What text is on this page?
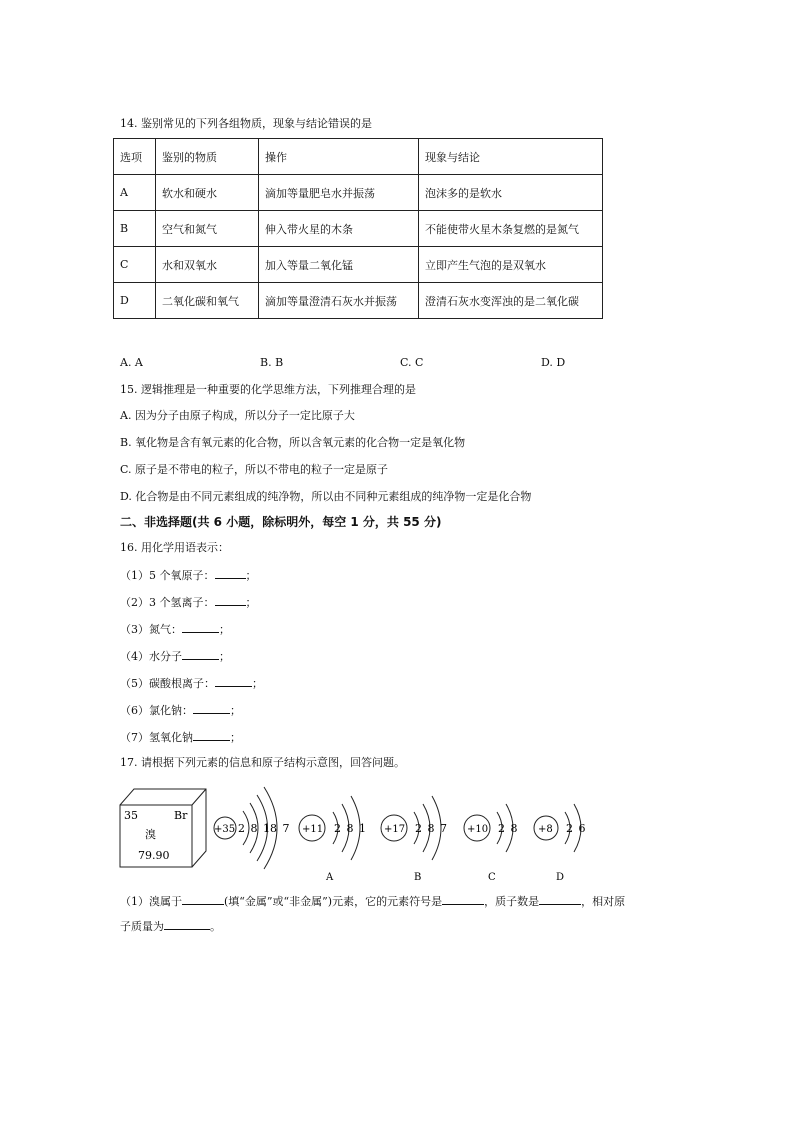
14. 鉴别常见的下列各组物质，现象与结论错误的是
选项	鉴别的物质	操作	现象与结论
A	软水和硬水	滴加等量肥皂水并振荡	泡沫多的是软水
B	空气和氮气	伸入带火星的木条	不能使带火星木条复燃的是氮气
C	水和双氧水	加入等量二氧化锰	立即产生气泡的是双氧水
D	二氧化碳和氧气	滴加等量澄清石灰水并振荡	澄清石灰水变浑浊的是二氧化碳
A. A	B. B	C. C	D. D
15. 逻辑推理是一种重要的化学思维方法，下列推理合理的是
A. 因为分子由原子构成，所以分子一定比原子大
B. 氧化物是含有氧元素的化合物，所以含氧元素的化合物一定是氧化物
C. 原子是不带电的粒子，所以不带电的粒子一定是原子
D. 化合物是由不同元素组成的纯净物，所以由不同种元素组成的纯净物一定是化合物
二、非选择题(共 6 小题，除标明外，每空 1 分，共 55 分)
16. 用化学用语表示：
（1）5 个氧原子：	；
（2）3 个氢离子：	；
（3）氮气：	；
（4）水分子	；
（5）碳酸根离子：	；
（6）氯化钠：	；
（7）氢氧化钠	；
17. 请根据下列元素的信息和原子结构示意图，回答问题。
35	Br
溴
79.90
+35 2 8 18 7 +11 2 8 1
A
+17 2 8 7
B
+10 2 8
C
+8 2 6
D
（1）溴属于	(填“金属”或“非金属”)元素，它的元素符号是	，质子数是	，相对原
子质量为	。
